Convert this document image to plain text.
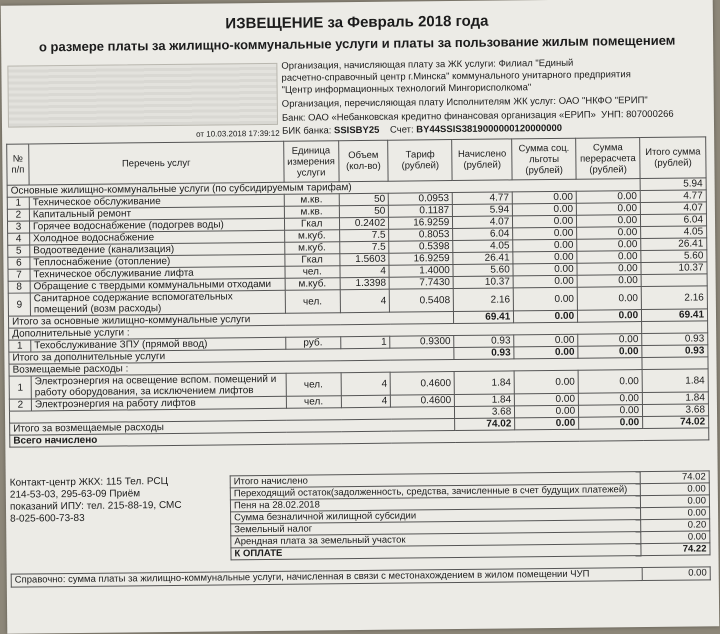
ИЗВЕЩЕНИЕ за Февраль 2018 года
о размере платы за жилищно-коммунальные услуги и платы за пользование жилым помещением
от 10.03.2018 17:39:12
Организация, начисляющая плату за ЖК услуги: Филиал "Единый
расчетно-справочный центр г.Минска" коммунального унитарного предприятия
"Центр информационных технологий Мингорисполкома"
Организация, перечисляющая плату Исполнителям ЖК услуг: ОАО "НКФО "ЕРИП"
Банк: ОАО «Небанковская кредитно финансовая организация «ЕРИП» УНП: 807000266
БИК банка: SSISBY25 Счет: BY44SSIS3819000000120000000
№ п/п	Перечень услуг	Единица измерения услуги	Объем (кол-во)	Тариф (рублей)	Начислено (рублей)	Сумма соц. льготы (рублей)	Сумма перерасчета (рублей)	Итого сумма (рублей)
Основные жилищно-коммунальные услуги (по субсидируемым тарифам)								5.94
1	Техническое обслуживание	м.кв.	50	0.0953	4.77	0.00	0.00	4.77
2	Капитальный ремонт	м.кв.	50	0.1187	5.94	0.00	0.00	4.07
3	Горячее водоснабжение (подогрев воды)	Гкал	0.2402	16.9259	4.07	0.00	0.00	6.04
4	Холодное водоснабжение	м.куб.	7.5	0.8053	6.04	0.00	0.00	4.05
5	Водоотведение (канализация)	м.куб.	7.5	0.5398	4.05	0.00	0.00	26.41
6	Теплоснабжение (отопление)	Гкал	1.5603	16.9259	26.41	0.00	0.00	5.60
7	Техническое обслуживание лифта	чел.	4	1.4000	5.60	0.00	0.00	10.37
8	Обращение с твердыми коммунальными отходами	м.куб.	1.3398	7.7430	10.37	0.00	0.00	
9	Санитарное содержание вспомогательных помещений (возм расходы)	чел.	4	0.5408	2.16	0.00	0.00	2.16
Итого за основные жилищно-коммунальные услуги					69.41	0.00	0.00	69.41
Дополнительные услуги :								
1	Техобслуживание ЗПУ (прямой ввод)	руб.	1	0.9300	0.93	0.00	0.00	0.93
Итого за дополнительные услуги					0.93	0.00	0.00	0.93
Возмещаемые расходы :								
1	Электроэнергия на освещение вспом. помещений и работу оборудования, за исключением лифтов	чел.	4	0.4600	1.84	0.00	0.00	1.84
2	Электроэнергия на работу лифтов	чел.	4	0.4600	1.84	0.00	0.00	1.84
					3.68	0.00	0.00	3.68
Итого за возмещаемые расходы					74.02	0.00	0.00	74.02
Всего начислено								
Контакт-центр ЖКХ: 115 Тел. РСЦ
214-53-03, 295-63-09 Приём
показаний ИПУ: тел. 215-88-19, СМС
8-025-600-73-83
Итого начислено	74.02
Переходящий остаток(задолженность, средства, зачисленные в счет будущих платежей)	0.00
Пеня на 28.02.2018	0.00
Сумма безналичной жилищной субсидии	0.00
Земельный налог	0.20
Арендная плата за земельный участок	0.00
К ОПЛАТЕ	74.22
Справочно: сумма платы за жилищно-коммунальные услуги, начисленная в связи с местонахождением в жилом помещении ЧУП	0.00
